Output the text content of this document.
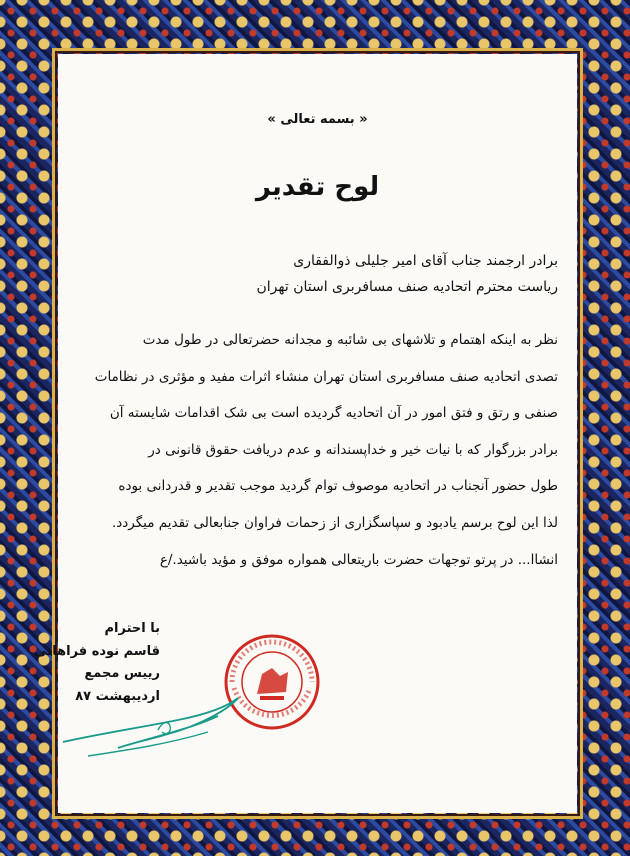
« بسمه تعالی »
لوح تقدیر
برادر ارجمند جناب آقای امیر جلیلی ذوالفقاری
ریاست محترم اتحادیه صنف مسافربری استان تهران
نظر به اینکه اهتمام و تلاشهای بی شائبه و مجدانه حضرتعالی در طول مدت
تصدی اتحادیه صنف مسافربری استان تهران منشاء اثرات مفید و مؤثری در نظامات
صنفی و رتق و فتق امور در آن اتحادیه گردیده است بی شک اقدامات شایسته آن
برادر بزرگوار که با نیات خیر و خداپسندانه و عدم دریافت حقوق قانونی در
طول حضور آنجناب در اتحادیه موصوف توام گردید موجب تقدیر و قدردانی بوده
لذا این لوح برسم یادبود و سپاسگزاری از زحمات فراوان جنابعالی تقدیم میگردد.
انشاا... در پرتو توجهات حضرت باریتعالی همواره موفق و مؤید باشید./ع
با احترام
قاسم نوده فراهانی
رییس مجمع
اردیبهشت ۸۷
